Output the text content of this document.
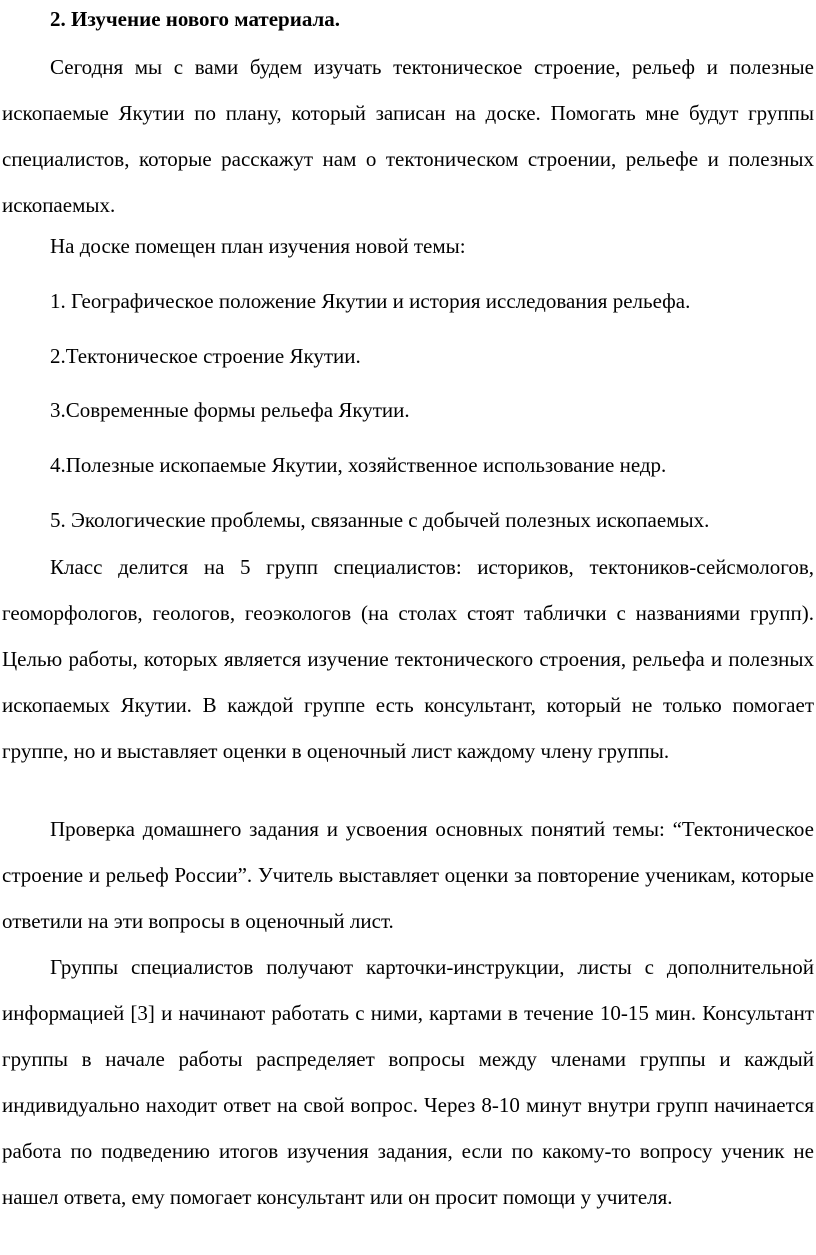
2. Изучение нового материала.

Сегодня мы с вами будем изучать тектоническое строение, рельеф и полезные ископаемые Якутии по плану, который записан на доске. Помогать мне будут группы специалистов, которые расскажут нам о тектоническом строении, рельефе и полезных ископаемых.

На доске помещен план изучения новой темы:

1. Географическое положение Якутии и история исследования рельефа.

2.Тектоническое строение Якутии.

3.Современные формы рельефа Якутии.

4.Полезные ископаемые Якутии, хозяйственное использование недр.

5. Экологические проблемы, связанные с добычей полезных ископаемых.

Класс делится на 5 групп специалистов: историков, тектоников-сейсмологов, геоморфологов, геологов, геоэкологов (на столах стоят таблички с названиями групп). Целью работы, которых является изучение тектонического строения, рельефа и полезных ископаемых Якутии. В каждой группе есть консультант, который не только помогает группе, но и выставляет оценки в оценочный лист каждому члену группы.

Проверка домашнего задания и усвоения основных понятий темы: “Тектоническое строение и рельеф России”. Учитель выставляет оценки за повторение ученикам, которые ответили на эти вопросы в оценочный лист.

Группы специалистов получают карточки-инструкции, листы с дополнительной информацией [3] и начинают работать с ними, картами в течение 10-15 мин. Консультант группы в начале работы распределяет вопросы между членами группы и каждый индивидуально находит ответ на свой вопрос. Через 8-10 минут внутри групп начинается работа по подведению итогов изучения задания, если по какому-то вопросу ученик не нашел ответа, ему помогает консультант или он просит помощи у учителя.
